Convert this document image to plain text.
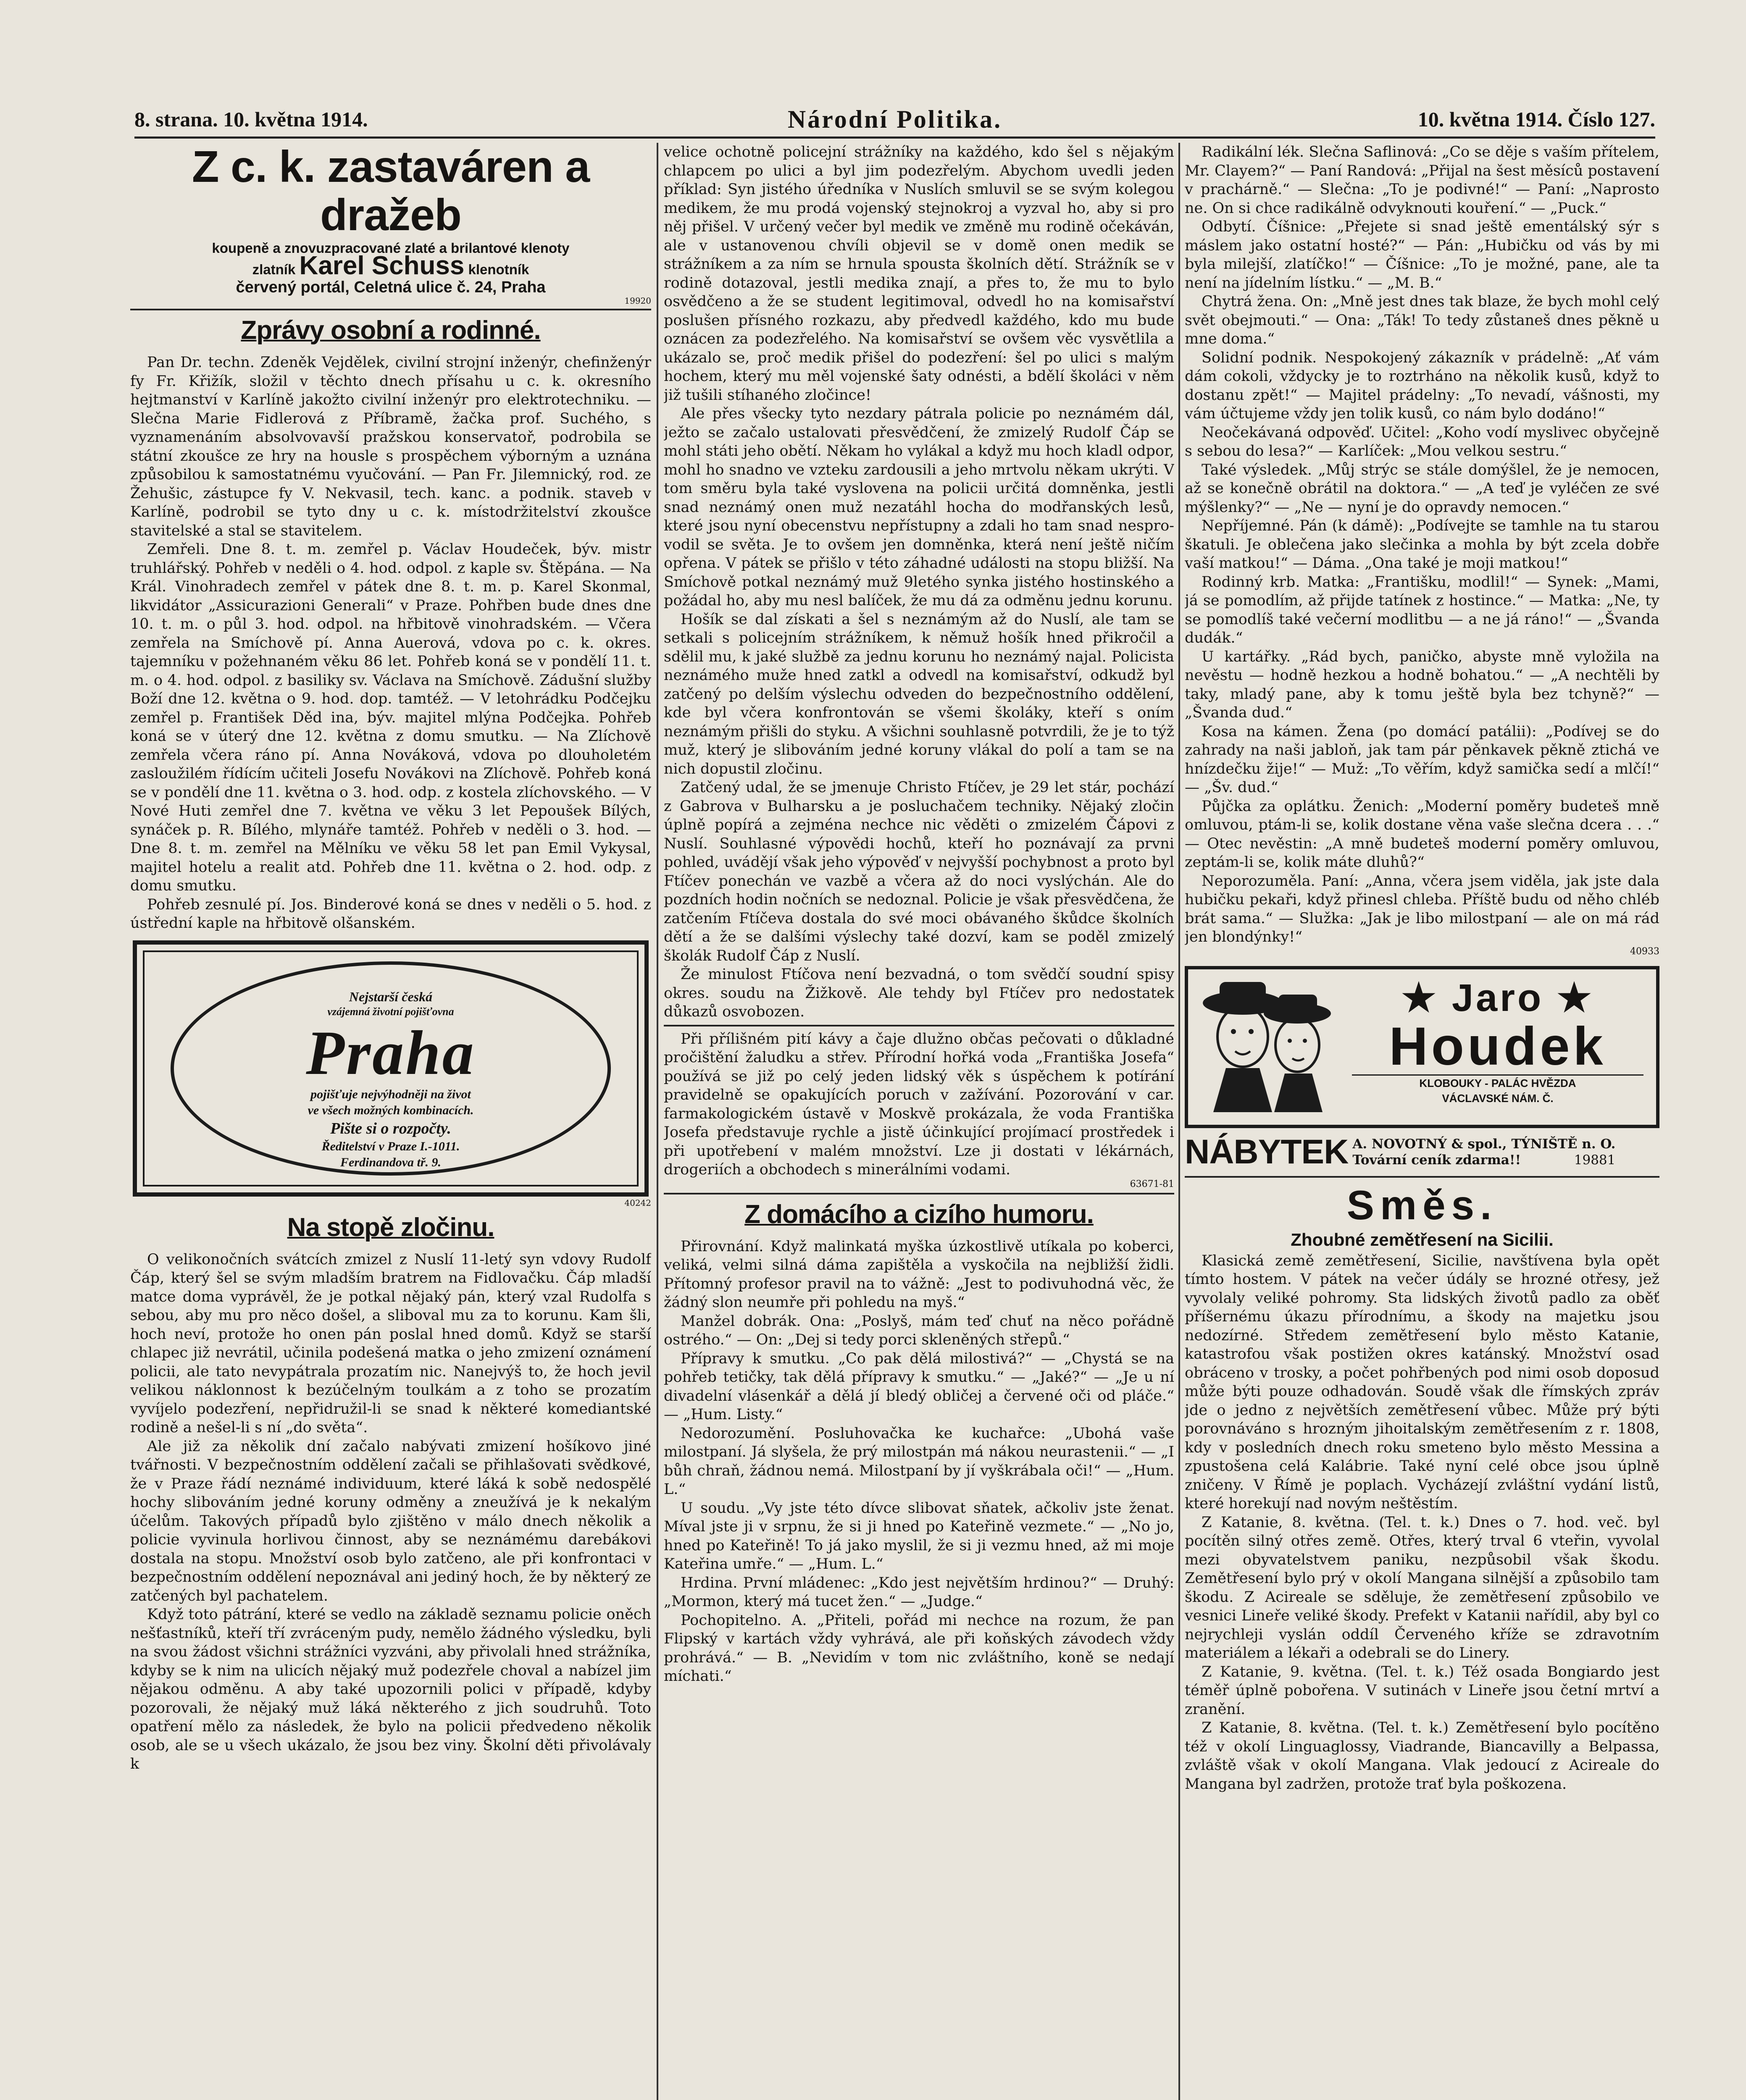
8. strana. 10. května 1914.	Národní Politika.	10. května 1914. Číslo 127.
Z c. k. zastaváren a dražeb
koupeně a znovuzpracované zlaté a brilantové klenoty
zlatník Karel Schuss klenotník
červený portál, Celetná ulice č. 24, Praha
19920
Zprávy osobní a rodinné.

Pan Dr. techn. Zdeněk Vejdělek, civilní strojní inženýr, chefinženýr fy Fr. Křižík, složil v těchto dnech přísahu u c. k. okresního hejtmanství v Karlíně jakožto civilní inženýr pro elektrotechniku. — Slečna Marie Fidlerová z Příbramě, žačka prof. Suchého, s vyznamenáním absolvovavší pražskou konservatoř, podrobila se státní zkoušce ze hry na housle s prospěchem výborným a uznána způsobilou k samostatnému vyučování. — Pan Fr. Jilemnický, rod. ze Žehušic, zástupce fy V. Nekvasil, tech. kanc. a podnik. staveb v Karlíně, podrobil se tyto dny u c. k. místodržitelství zkoušce stavitelské a stal se stavitelem.

Zemřeli. Dne 8. t. m. zemřel p. Václav Houdeček, býv. mistr truhlářský. Pohřeb v neděli o 4. hod. odpol. z kaple sv. Štěpána. — Na Král. Vinohradech zemřel v pátek dne 8. t. m. p. Karel Skonmal, likvidátor „Assicurazioni Generali“ v Praze. Pohřben bude dnes dne 10. t. m. o půl 3. hod. odpol. na hřbitově vinohradském. — Včera zemřela na Smíchově pí. Anna Auerová, vdova po c. k. okres. tajemníku v požehnaném věku 86 let. Pohřeb koná se v pondělí 11. t. m. o 4. hod. odpol. z basiliky sv. Václava na Smíchově. Zádušní služby Boží dne 12. května o 9. hod. dop. tamtéž. — V letohrádku Podčejku zemřel p. František Děd ina, býv. majitel mlýna Podčejka. Pohřeb koná se v úterý dne 12. května z domu smutku. — Na Zlíchově zemřela včera ráno pí. Anna Nováková, vdova po dlouholetém zasloužilém řídícím učiteli Josefu Novákovi na Zlíchově. Pohřeb koná se v pondělí dne 11. května o 3. hod. odp. z kostela zlíchovského. — V Nové Huti zemřel dne 7. května ve věku 3 let Pepoušek Bílých, synáček p. R. Bílého, mlynáře tamtéž. Pohřeb v neděli o 3. hod. — Dne 8. t. m. zemřel na Mělníku ve věku 58 let pan Emil Vykysal, majitel hotelu a realit atd. Pohřeb dne 11. května o 2. hod. odp. z domu smutku.

Pohřeb zesnulé pí. Jos. Binderové koná se dnes v neděli o 5. hod. z ústřední kaple na hřbitově olšanském.

Nejstarší česká
vzájemná životní pojišťovna
Praha
pojišťuje nejvýhodněji na život
ve všech možných kombinacích.
Pište si o rozpočty.
Ředitelství v Praze I.-1011.
Ferdinandova tř. 9.
40242
Na stopě zločinu.

O velikonočních svátcích zmizel z Nuslí 11-letý syn vdovy Rudolf Čáp, který šel se svým mladším bratrem na Fidlovačku. Čáp mladší matce doma vyprávěl, že je potkal nějaký pán, který vzal Rudolfa s sebou, aby mu pro něco došel, a sliboval mu za to korunu. Kam šli, hoch neví, protože ho onen pán poslal hned domů. Když se starší chlapec již nevrátil, učinila podešená matka o jeho zmizení oznámení policii, ale tato nevypátrala prozatím nic. Nanejvýš to, že hoch jevil velikou náklonnost k bezúčelným toulkám a z toho se prozatím vyvíjelo podezření, nepřidružil-li se snad k některé komediantské rodině a nešel-li s ní „do světa“.

Ale již za několik dní začalo nabývati zmizení hošíkovo jiné tvářnosti. V bezpečnostním oddělení začali se přihlašovati svědkové, že v Praze řádí neznámé individuum, které láká k sobě nedospělé hochy slibováním jedné koruny odměny a zneužívá je k nekalým účelům. Takových případů bylo zjištěno v málo dnech několik a policie vyvinula horlivou činnost, aby se neznámému darebákovi dostala na stopu. Množství osob bylo zatčeno, ale při konfrontaci v bezpečnostním oddělení nepoznával ani jediný hoch, že by některý ze zatčených byl pachatelem.

Když toto pátrání, které se vedlo na základě seznamu policie oněch nešťastníků, kteří tří zvráceným pudy, nemělo žádného výsledku, byli na svou žádost všichni strážníci vyzváni, aby přivolali hned strážníka, kdyby se k nim na ulicích nějaký muž podezřele choval a nabízel jim nějakou odměnu. A aby také upozornili polici v případě, kdyby pozorovali, že nějaký muž láká některého z jich soudruhů. Toto opatření mělo za následek, že bylo na policii předvedeno několik osob, ale se u všech ukázalo, že jsou bez viny. Školní děti přivolávaly k

velice ochotně policejní strážníky na každého, kdo šel s nějakým chlapcem po ulici a byl jim podezřelým. Abychom uvedli jeden příklad: Syn jistého úředníka v Nuslích smluvil se se svým kolegou medikem, že mu prodá vojenský stejnokroj a vyzval ho, aby si pro něj přišel. V určený večer byl medik ve změně mu rodině očekáván, ale v ustanovenou chvíli objevil se v domě onen medik se strážníkem a za ním se hrnula spousta školních dětí. Strážník se v rodině dotazoval, jestli medika znají, a přes to, že mu to bylo osvědčeno a že se student legitimoval, odvedl ho na komisařství poslušen přísného rozkazu, aby předvedl každého, kdo mu bude oznácen za podezřelého. Na komisařství se ovšem věc vysvětlila a ukázalo se, proč medik přišel do podezření: šel po ulici s malým hochem, který mu měl vojenské šaty odnésti, a bdělí školáci v něm již tušili stíhaného zločince!

Ale přes všecky tyto nezdary pátrala policie po neznámém dál, ježto se začalo ustalovati přesvědčení, že zmizelý Rudolf Čáp se mohl státi jeho obětí. Někam ho vylákal a když mu hoch kladl odpor, mohl ho snadno ve vzteku zardousili a jeho mrtvolu někam ukrýti. V tom směru byla také vyslovena na policii určitá domněnka, jestli snad neznámý onen muž nezatáhl hocha do modřanských lesů, které jsou nyní obecenstvu nepřístupny a zdali ho tam snad nespro-vodil se světa. Je to ovšem jen domněnka, která není ještě ničím opřena. V pátek se přišlo v této záhadné události na stopu bližší. Na Smíchově potkal neznámý muž 9letého synka jistého hostinského a požádal ho, aby mu nesl balíček, že mu dá za odměnu jednu korunu.

Hošík se dal získati a šel s neznámým až do Nuslí, ale tam se setkali s policejním strážníkem, k němuž hošík hned přikročil a sdělil mu, k jaké službě za jednu korunu ho neznámý najal. Policista neznámého muže hned zatkl a odvedl na komisařství, odkudž byl zatčený po delším výslechu odveden do bezpečnostního oddělení, kde byl včera konfrontován se všemi školáky, kteří s oním neznámým přišli do styku. A všichni souhlasně potvrdili, že je to týž muž, který je slibováním jedné koruny vlákal do polí a tam se na nich dopustil zločinu.

Zatčený udal, že se jmenuje Christo Ftíčev, je 29 let stár, pochází z Gabrova v Bulharsku a je posluchačem techniky. Nějaký zločin úplně popírá a zejména nechce nic věděti o zmizelém Čápovi z Nuslí. Souhlasné výpovědi hochů, kteří ho poznávají za prvni pohled, uvádějí však jeho výpověď v nejvyšší pochybnost a proto byl Ftíčev ponechán ve vazbě a včera až do noci vyslýchán. Ale do pozdních hodin nočních se nedoznal. Policie je však přesvědčena, že zatčením Ftíčeva dostala do své moci obávaného škůdce školních dětí a že se dalšími výslechy také dozví, kam se poděl zmizelý školák Rudolf Čáp z Nuslí.

Že minulost Ftíčova není bezvadná, o tom svědčí soudní spisy okres. soudu na Žižkově. Ale tehdy byl Ftíčev pro nedostatek důkazů osvobozen.

Při přílišném pití kávy a čaje dlužno občas pečovati o důkladné pročištění žaludku a střev. Přírodní hořká voda „Františka Josefa“ používá se již po celý jeden lidský věk s úspěchem k potírání pravidelně se opakujících poruch v zažívání. Pozorování v car. farmakologickém ústavě v Moskvě prokázala, že voda Františka Josefa představuje rychle a jistě účinkující projímací prostředek i při upotřebení v malém množství. Lze ji dostati v lékárnách, drogeriích a obchodech s minerálními vodami.

63671-81
Z domácího a cizího humoru.

Přirovnání. Když malinkatá myška úzkostlivě utíkala po koberci, veliká, velmi silná dáma zapištěla a vyskočila na nejbližší židli. Přítomný profesor pravil na to vážně: „Jest to podivuhodná věc, že žádný slon neumře při pohledu na myš.“

Manžel dobrák. Ona: „Poslyš, mám teď chuť na něco pořádně ostrého.“ — On: „Dej si tedy porci skleněných střepů.“

Přípravy k smutku. „Co pak dělá milostivá?“ — „Chystá se na pohřeb tetičky, tak dělá přípravy k smutku.“ — „Jaké?“ — „Je u ní divadelní vlásenkář a dělá jí bledý obličej a červené oči od pláče.“ — „Hum. Listy.“

Nedorozumění. Posluhovačka ke kuchařce: „Ubohá vaše milostpaní. Já slyšela, že prý milostpán má nákou neurastenii.“ — „I bůh chraň, žádnou nemá. Milostpaní by jí vyškrábala oči!“ — „Hum. L.“

U soudu. „Vy jste této dívce slibovat sňatek, ačkoliv jste ženat. Míval jste ji v srpnu, že si ji hned po Kateřině vezmete.“ — „No jo, hned po Kateřině! To já jako myslil, že si ji vezmu hned, až mi moje Kateřina umře.“ — „Hum. L.“

Hrdina. První mládenec: „Kdo jest největším hrdinou?“ — Druhý: „Mormon, který má tucet žen.“ — „Judge.“

Pochopitelno. A. „Přiteli, pořád mi nechce na rozum, že pan Flipský v kartách vždy vyhrává, ale při koňských závodech vždy prohrává.“ — B. „Nevidím v tom nic zvláštního, koně se nedají míchati.“

Radikální lék. Slečna Saflinová: „Co se děje s vaším přítelem, Mr. Clayem?“ — Paní Randová: „Přijal na šest měsíců postavení v prachárně.“ — Slečna: „To je podivné!“ — Paní: „Naprosto ne. On si chce radikálně odvyknouti kouření.“ — „Puck.“

Odbytí. Číšnice: „Přejete si snad ještě ementálský sýr s máslem jako ostatní hosté?“ — Pán: „Hubičku od vás by mi byla milejší, zlatíčko!“ — Číšnice: „To je možné, pane, ale ta není na jídelním lístku.“ — „M. B.“

Chytrá žena. On: „Mně jest dnes tak blaze, že bych mohl celý svět obejmouti.“ — Ona: „Ták! To tedy zůstaneš dnes pěkně u mne doma.“

Solidní podnik. Nespokojený zákazník v prádelně: „Ať vám dám cokoli, vždycky je to roztrháno na několik kusů, když to dostanu zpět!“ — Majitel prádelny: „To nevadí, vášnosti, my vám účtujeme vždy jen tolik kusů, co nám bylo dodáno!“

Neočekávaná odpověď. Učitel: „Koho vodí myslivec obyčejně s sebou do lesa?“ — Karlíček: „Mou velkou sestru.“

Také výsledek. „Můj strýc se stále domýšlel, že je nemocen, až se konečně obrátil na doktora.“ — „A teď je vyléčen ze své mýšlenky?“ — „Ne — nyní je do opravdy nemocen.“

Nepříjemné. Pán (k dámě): „Podívejte se tamhle na tu starou škatuli. Je oblečena jako slečinka a mohla by být zcela dobře vaší matkou!“ — Dáma. „Ona také je moji matkou!“

Rodinný krb. Matka: „Františku, modlil!“ — Synek: „Mami, já se pomodlím, až přijde tatínek z hostince.“ — Matka: „Ne, ty se pomodlíš také večerní modlitbu — a ne já ráno!“ — „Švanda dudák.“

U kartářky. „Rád bych, paničko, abyste mně vyložila na nevěstu — hodně hezkou a hodně bohatou.“ — „A nechtěli by taky, mladý pane, aby k tomu ještě byla bez tchyně?“ — „Švanda dud.“

Kosa na kámen. Žena (po domácí patálii): „Podívej se do zahrady na naši jabloň, jak tam pár pěnkavek pěkně ztichá ve hnízdečku žije!“ — Muž: „To věřím, když samička sedí a mlčí!“ — „Šv. dud.“

Půjčka za oplátku. Ženich: „Moderní poměry budeteš mně omluvou, ptám-li se, kolik dostane věna vaše slečna dcera . . .“ — Otec nevěstin: „A mně budeteš moderní poměry omluvou, zeptám-li se, kolik máte dluhů?“

Neporozuměla. Paní: „Anna, včera jsem viděla, jak jste dala hubičku pekaři, když přinesl chleba. Příště budu od něho chléb brát sama.“ — Služka: „Jak je libo milostpaní — ale on má rád jen blondýnky!“

40933
★ Jaro ★
Houdek
KLOBOUKY - PALÁC HVĚZDA
VÁCLAVSKÉ NÁM. Č.
NÁBYTEK A. NOVOTNÝ & spol., TÝNIŠTĚ n. O.
Tovární ceník zdarma!!	19881
Směs.
Zhoubné zemětřesení na Sicilii.

Klasická země zemětřesení, Sicilie, navštívena byla opět tímto hostem. V pátek na večer údály se hrozné otřesy, jež vyvolaly veliké pohromy. Sta lidských životů padlo za oběť příšernému úkazu přírodnímu, a škody na majetku jsou nedozírné. Středem zemětřesení bylo město Katanie, katastrofou však postižen okres katánský. Množství osad obráceno v trosky, a počet pohřbených pod nimi osob doposud může býti pouze odhadován. Soudě však dle římských zpráv jde o jedno z největších zemětřesení vůbec. Může prý býti porovnáváno s hrozným jihoitalským zemětřesením z r. 1808, kdy v posledních dnech roku smeteno bylo město Messina a zpustošena celá Kalábrie. Také nyní celé obce jsou úplně zničeny. V Římě je poplach. Vycházejí zvláštní vydání listů, které horekují nad novým neštěstím.

Z Katanie, 8. května. (Tel. t. k.) Dnes o 7. hod. več. byl pocítěn silný otřes země. Otřes, který trval 6 vteřin, vyvolal mezi obyvatelstvem paniku, nezpůsobil však škodu. Zemětřesení bylo prý v okolí Mangana silnější a způsobilo tam škodu. Z Acireale se sděluje, že zemětřesení způsobilo ve vesnici Lineře veliké škody. Prefekt v Katanii nařídil, aby byl co nejrychleji vyslán oddíl Červeného kříže se zdravotním materiálem a lékaři a odebrali se do Linery.

Z Katanie, 9. května. (Tel. t. k.) Též osada Bongiardo jest téměř úplně pobořena. V sutinách v Lineře jsou četní mrtví a zranění.

Z Katanie, 8. května. (Tel. t. k.) Zemětřesení bylo pocítěno též v okolí Linguaglossy, Viadrande, Biancavilly a Belpassa, zvláště však v okolí Mangana. Vlak jedoucí z Acireale do Mangana byl zadržen, protože trať byla poškozena.
